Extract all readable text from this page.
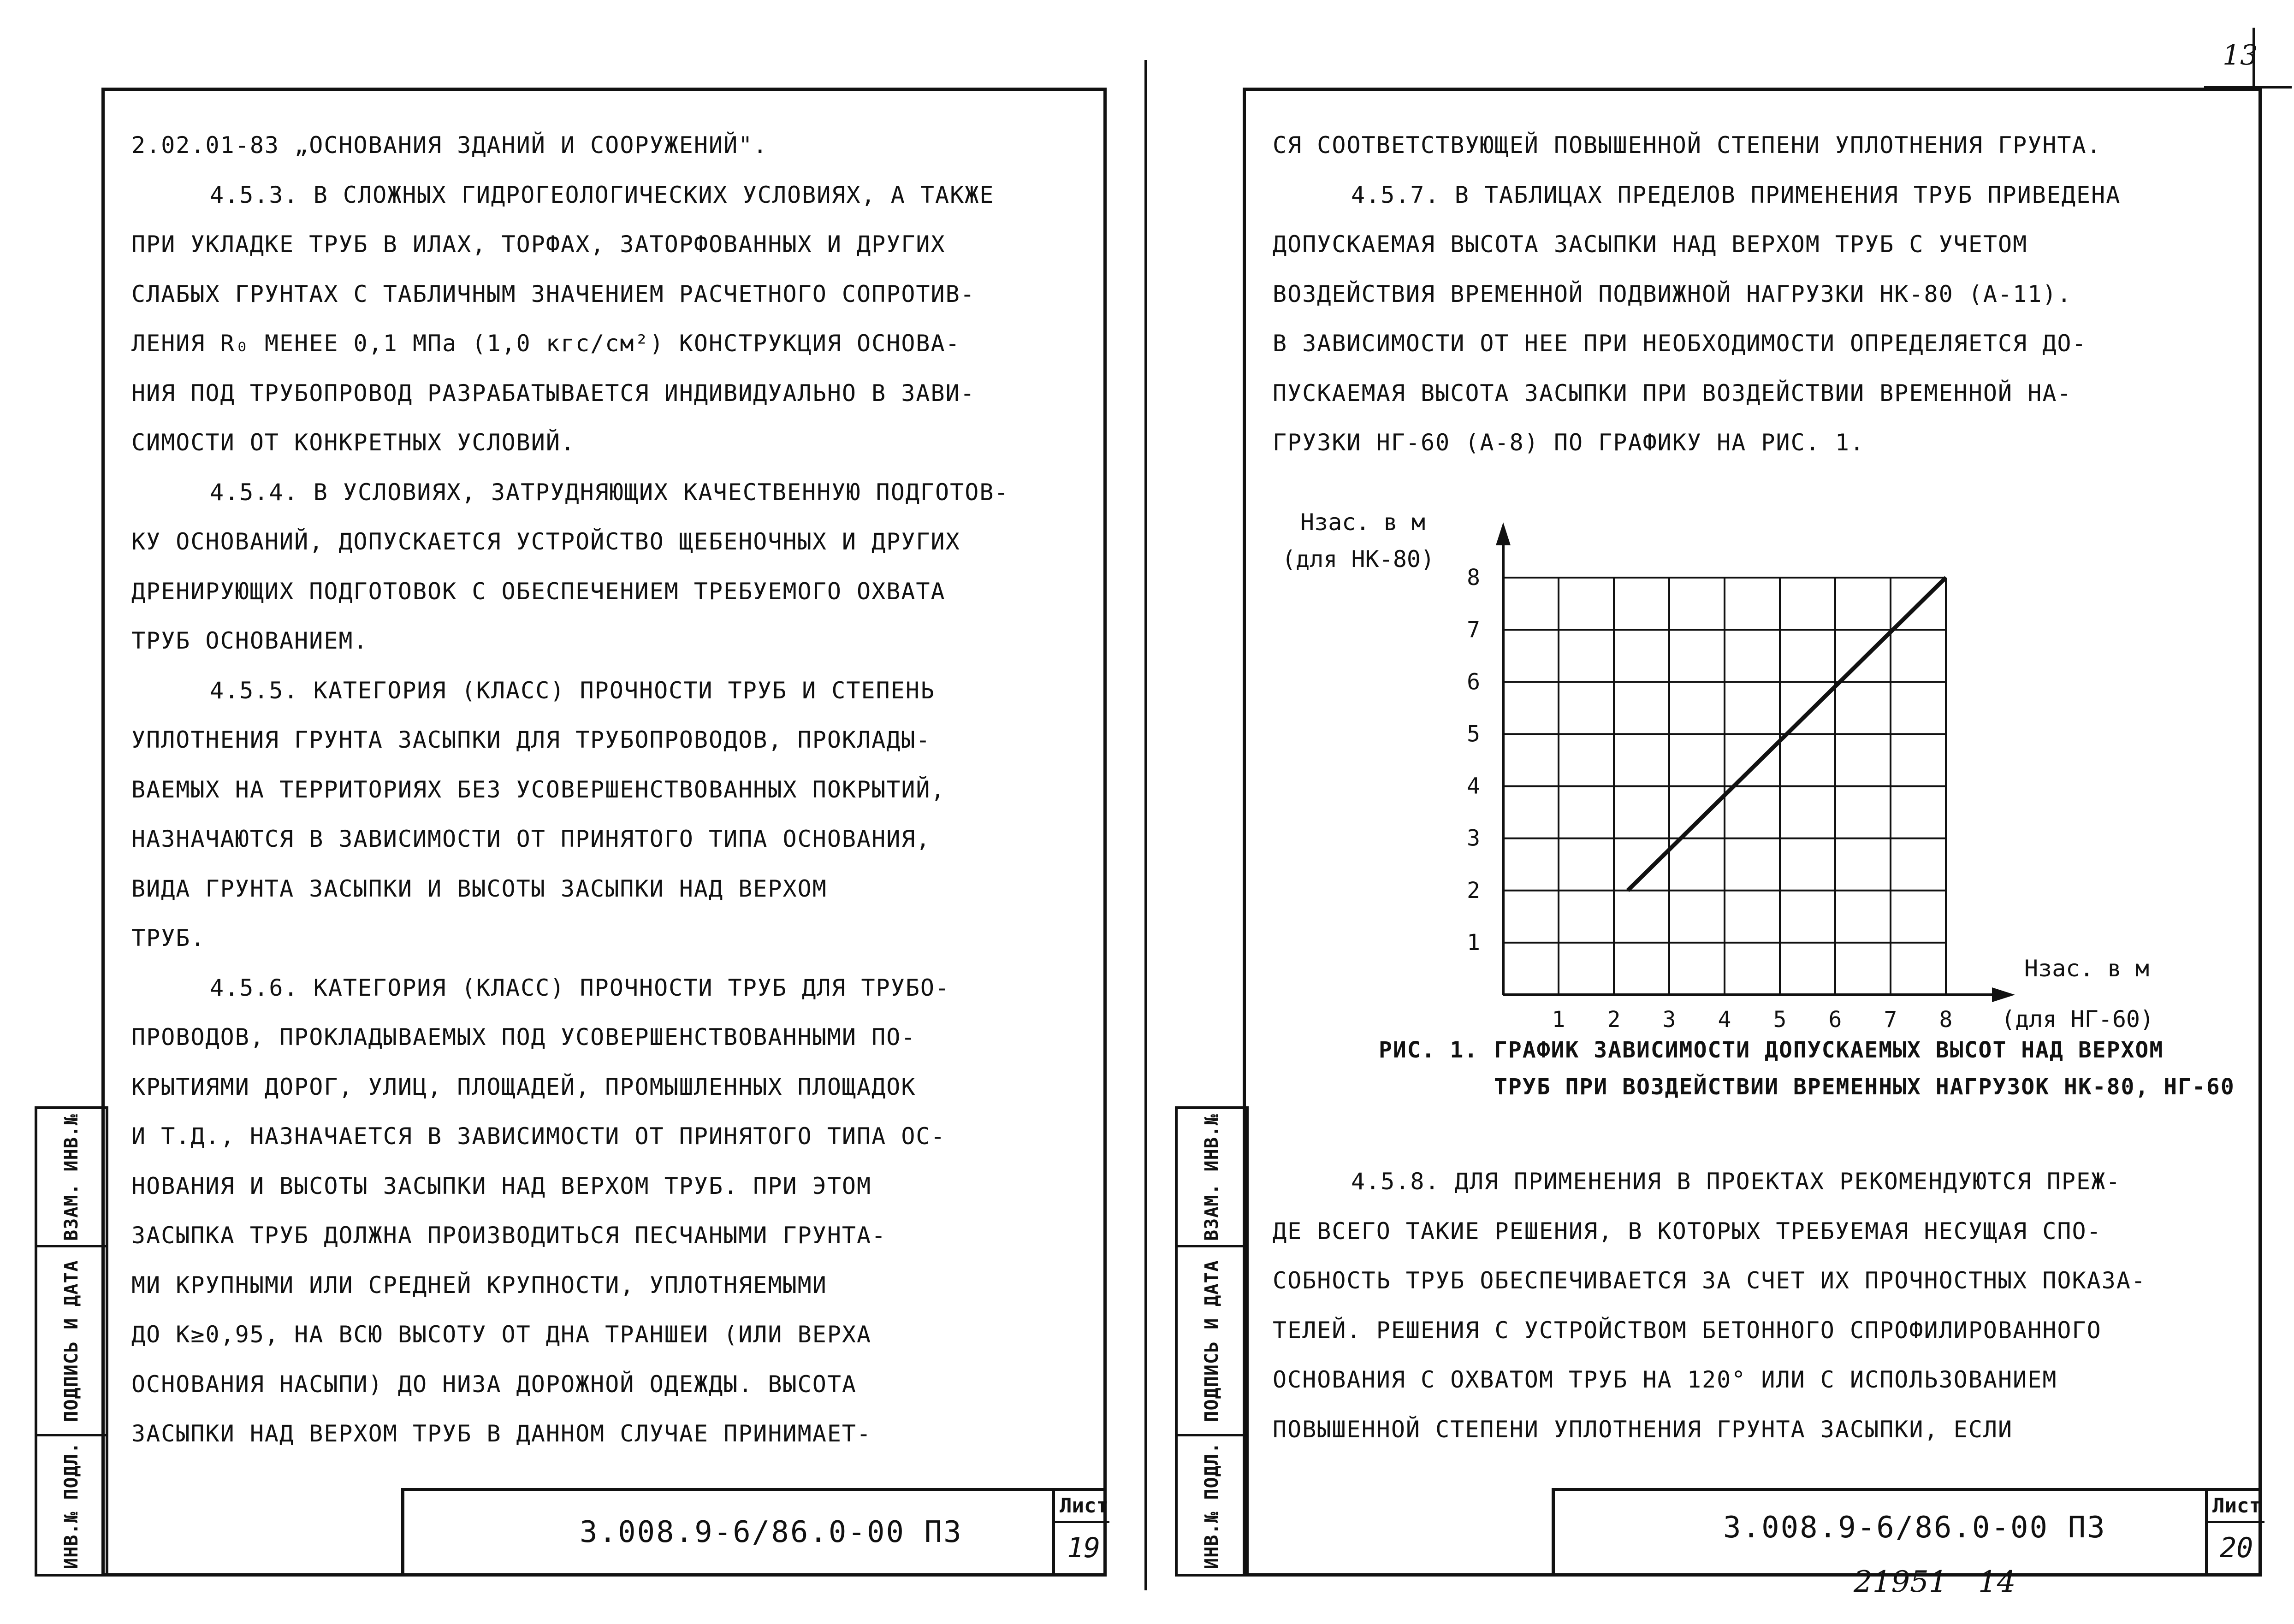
13
ВЗАМ. ИНВ.№
ПОДПИСЬ И ДАТА
ИНВ.№ ПОДЛ.
2.02.01-83 „ОСНОВАНИЯ ЗДАНИЙ И СООРУЖЕНИЙ".
4.5.3. В СЛОЖНЫХ ГИДРОГЕОЛОГИЧЕСКИХ УСЛОВИЯХ, А ТАКЖЕ
ПРИ УКЛАДКЕ ТРУБ В ИЛАХ, ТОРФАХ, ЗАТОРФОВАННЫХ И ДРУГИХ
СЛАБЫХ ГРУНТАХ С ТАБЛИЧНЫМ ЗНАЧЕНИЕМ РАСЧЕТНОГО СОПРОТИВ-
ЛЕНИЯ R₀ МЕНЕЕ 0,1 МПа (1,0 кгс/см²) КОНСТРУКЦИЯ ОСНОВА-
НИЯ ПОД ТРУБОПРОВОД РАЗРАБАТЫВАЕТСЯ ИНДИВИДУАЛЬНО В ЗАВИ-
СИМОСТИ ОТ КОНКРЕТНЫХ УСЛОВИЙ.
4.5.4. В УСЛОВИЯХ, ЗАТРУДНЯЮЩИХ КАЧЕСТВЕННУЮ ПОДГОТОВ-
КУ ОСНОВАНИЙ, ДОПУСКАЕТСЯ УСТРОЙСТВО ЩЕБЕНОЧНЫХ И ДРУГИХ
ДРЕНИРУЮЩИХ ПОДГОТОВОК С ОБЕСПЕЧЕНИЕМ ТРЕБУЕМОГО ОХВАТА
ТРУБ ОСНОВАНИЕМ.
4.5.5. КАТЕГОРИЯ (КЛАСС) ПРОЧНОСТИ ТРУБ И СТЕПЕНЬ
УПЛОТНЕНИЯ ГРУНТА ЗАСЫПКИ ДЛЯ ТРУБОПРОВОДОВ, ПРОКЛАДЫ-
ВАЕМЫХ НА ТЕРРИТОРИЯХ БЕЗ УСОВЕРШЕНСТВОВАННЫХ ПОКРЫТИЙ,
НАЗНАЧАЮТСЯ В ЗАВИСИМОСТИ ОТ ПРИНЯТОГО ТИПА ОСНОВАНИЯ,
ВИДА ГРУНТА ЗАСЫПКИ И ВЫСОТЫ ЗАСЫПКИ НАД ВЕРХОМ
ТРУБ.
4.5.6. КАТЕГОРИЯ (КЛАСС) ПРОЧНОСТИ ТРУБ ДЛЯ ТРУБО-
ПРОВОДОВ, ПРОКЛАДЫВАЕМЫХ ПОД УСОВЕРШЕНСТВОВАННЫМИ ПО-
КРЫТИЯМИ ДОРОГ, УЛИЦ, ПЛОЩАДЕЙ, ПРОМЫШЛЕННЫХ ПЛОЩАДОК
И Т.Д., НАЗНАЧАЕТСЯ В ЗАВИСИМОСТИ ОТ ПРИНЯТОГО ТИПА ОС-
НОВАНИЯ И ВЫСОТЫ ЗАСЫПКИ НАД ВЕРХОМ ТРУБ. ПРИ ЭТОМ
ЗАСЫПКА ТРУБ ДОЛЖНА ПРОИЗВОДИТЬСЯ ПЕСЧАНЫМИ ГРУНТА-
МИ КРУПНЫМИ ИЛИ СРЕДНЕЙ КРУПНОСТИ, УПЛОТНЯЕМЫМИ
ДО К≥0,95, НА ВСЮ ВЫСОТУ ОТ ДНА ТРАНШЕИ (ИЛИ ВЕРХА
ОСНОВАНИЯ НАСЫПИ) ДО НИЗА ДОРОЖНОЙ ОДЕЖДЫ. ВЫСОТА
ЗАСЫПКИ НАД ВЕРХОМ ТРУБ В ДАННОМ СЛУЧАЕ ПРИНИМАЕТ-
3.008.9-6/86.0-00 ПЗ
Лист
19
ВЗАМ. ИНВ.№
ПОДПИСЬ И ДАТА
ИНВ.№ ПОДЛ.
СЯ СООТВЕТСТВУЮЩЕЙ ПОВЫШЕННОЙ СТЕПЕНИ УПЛОТНЕНИЯ ГРУНТА.
4.5.7. В ТАБЛИЦАХ ПРЕДЕЛОВ ПРИМЕНЕНИЯ ТРУБ ПРИВЕДЕНА
ДОПУСКАЕМАЯ ВЫСОТА ЗАСЫПКИ НАД ВЕРХОМ ТРУБ С УЧЕТОМ
ВОЗДЕЙСТВИЯ ВРЕМЕННОЙ ПОДВИЖНОЙ НАГРУЗКИ НК-80 (А-11).
В ЗАВИСИМОСТИ ОТ НЕЕ ПРИ НЕОБХОДИМОСТИ ОПРЕДЕЛЯЕТСЯ ДО-
ПУСКАЕМАЯ ВЫСОТА ЗАСЫПКИ ПРИ ВОЗДЕЙСТВИИ ВРЕМЕННОЙ НА-
ГРУЗКИ НГ-60 (А-8) ПО ГРАФИКУ НА РИС. 1.
1 2 3 4 5 6 7 8
1
2
3
4
5
6
7
8
Hзас. в м
(для НК-80)
Hзас. в м
(для НГ-60)
РИС. 1. ГРАФИК ЗАВИСИМОСТИ ДОПУСКАЕМЫХ ВЫСОТ НАД ВЕРХОМ
ТРУБ ПРИ ВОЗДЕЙСТВИИ ВРЕМЕННЫХ НАГРУЗОК НК-80, НГ-60
4.5.8. ДЛЯ ПРИМЕНЕНИЯ В ПРОЕКТАХ РЕКОМЕНДУЮТСЯ ПРЕЖ-
ДЕ ВСЕГО ТАКИЕ РЕШЕНИЯ, В КОТОРЫХ ТРЕБУЕМАЯ НЕСУЩАЯ СПО-
СОБНОСТЬ ТРУБ ОБЕСПЕЧИВАЕТСЯ ЗА СЧЕТ ИХ ПРОЧНОСТНЫХ ПОКАЗА-
ТЕЛЕЙ. РЕШЕНИЯ С УСТРОЙСТВОМ БЕТОННОГО СПРОФИЛИРОВАННОГО
ОСНОВАНИЯ С ОХВАТОМ ТРУБ НА 120° ИЛИ С ИСПОЛЬЗОВАНИЕМ
ПОВЫШЕННОЙ СТЕПЕНИ УПЛОТНЕНИЯ ГРУНТА ЗАСЫПКИ, ЕСЛИ
3.008.9-6/86.0-00 ПЗ
Лист
20
21951 14
